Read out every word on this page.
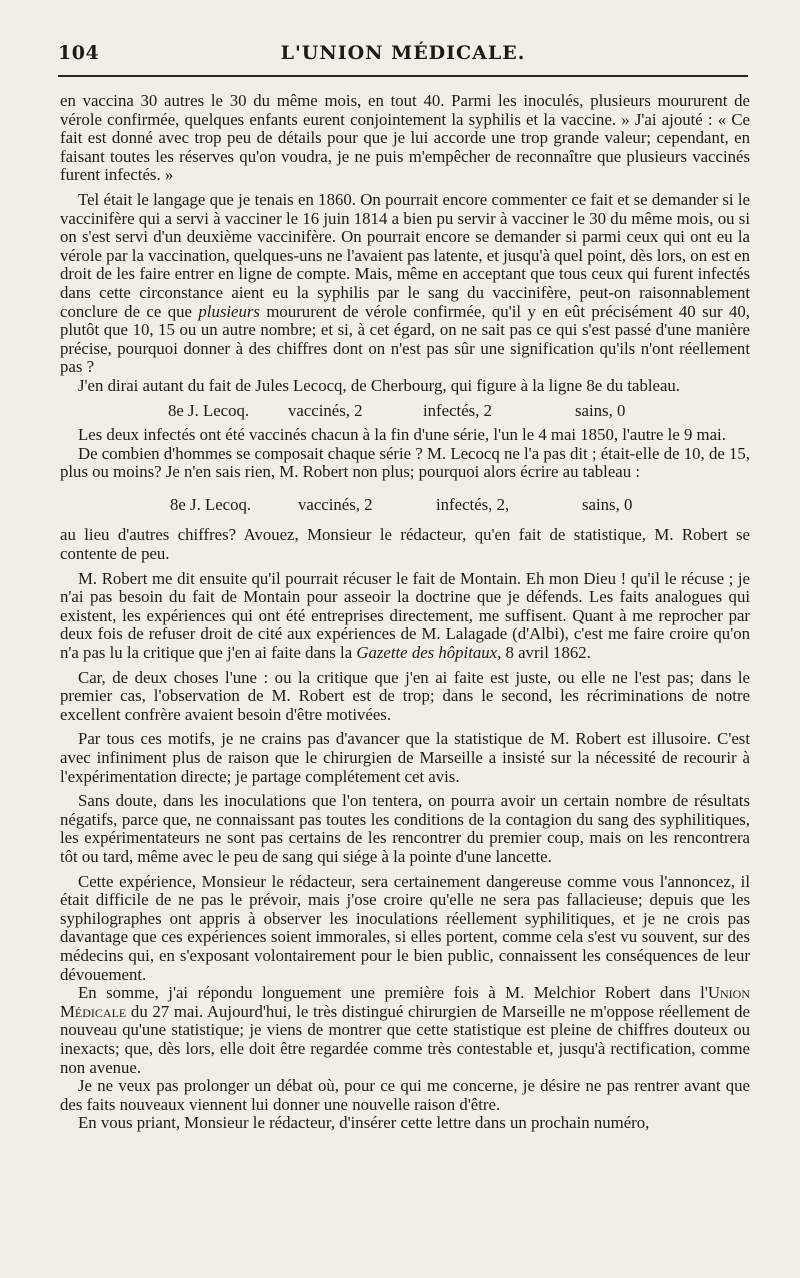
104	L'UNION MÉDICALE.

en vaccina 30 autres le 30 du même mois, en tout 40. Parmi les inoculés, plusieurs moururent de vérole confirmée, quelques enfants eurent conjointement la syphilis et la vaccine. » J'ai ajouté : « Ce fait est donné avec trop peu de détails pour que je lui accorde une trop grande valeur; cependant, en faisant toutes les réserves qu'on voudra, je ne puis m'empêcher de reconnaître que plusieurs vaccinés furent infectés. »

Tel était le langage que je tenais en 1860. On pourrait encore commenter ce fait et se demander si le vaccinifère qui a servi à vacciner le 16 juin 1814 a bien pu servir à vacciner le 30 du même mois, ou si on s'est servi d'un deuxième vaccinifère. On pourrait encore se demander si parmi ceux qui ont eu la vérole par la vaccination, quelques-uns ne l'avaient pas latente, et jusqu'à quel point, dès lors, on est en droit de les faire entrer en ligne de compte. Mais, même en acceptant que tous ceux qui furent infectés dans cette circonstance aient eu la syphilis par le sang du vaccinifère, peut-on raisonnablement conclure de ce que plusieurs moururent de vérole confirmée, qu'il y en eût précisément 40 sur 40, plutôt que 10, 15 ou un autre nombre; et si, à cet égard, on ne sait pas ce qui s'est passé d'une manière précise, pourquoi donner à des chiffres dont on n'est pas sûr une signification qu'ils n'ont réellement pas ?

J'en dirai autant du fait de Jules Lecocq, de Cherbourg, qui figure à la ligne 8e du tableau.

8e J. Lecoq.	vaccinés, 2	infectés, 2	sains, 0

Les deux infectés ont été vaccinés chacun à la fin d'une série, l'un le 4 mai 1850, l'autre le 9 mai.

De combien d'hommes se composait chaque série ? M. Lecocq ne l'a pas dit ; était-elle de 10, de 15, plus ou moins? Je n'en sais rien, M. Robert non plus; pourquoi alors écrire au tableau :

8e J. Lecoq.	vaccinés, 2	infectés, 2,	sains, 0

au lieu d'autres chiffres? Avouez, Monsieur le rédacteur, qu'en fait de statistique, M. Robert se contente de peu.

M. Robert me dit ensuite qu'il pourrait récuser le fait de Montain. Eh mon Dieu ! qu'il le récuse ; je n'ai pas besoin du fait de Montain pour asseoir la doctrine que je défends. Les faits analogues qui existent, les expériences qui ont été entreprises directement, me suffisent. Quant à me reprocher par deux fois de refuser droit de cité aux expériences de M. Lalagade (d'Albi), c'est me faire croire qu'on n'a pas lu la critique que j'en ai faite dans la Gazette des hôpitaux, 8 avril 1862.

Car, de deux choses l'une : ou la critique que j'en ai faite est juste, ou elle ne l'est pas; dans le premier cas, l'observation de M. Robert est de trop; dans le second, les récriminations de notre excellent confrère avaient besoin d'être motivées.

Par tous ces motifs, je ne crains pas d'avancer que la statistique de M. Robert est illusoire. C'est avec infiniment plus de raison que le chirurgien de Marseille a insisté sur la nécessité de recourir à l'expérimentation directe; je partage complétement cet avis.

Sans doute, dans les inoculations que l'on tentera, on pourra avoir un certain nombre de résultats négatifs, parce que, ne connaissant pas toutes les conditions de la contagion du sang des syphilitiques, les expérimentateurs ne sont pas certains de les rencontrer du premier coup, mais on les rencontrera tôt ou tard, même avec le peu de sang qui siége à la pointe d'une lancette.

Cette expérience, Monsieur le rédacteur, sera certainement dangereuse comme vous l'annoncez, il était difficile de ne pas le prévoir, mais j'ose croire qu'elle ne sera pas fallacieuse; depuis que les syphilographes ont appris à observer les inoculations réellement syphilitiques, et je ne crois pas davantage que ces expériences soient immorales, si elles portent, comme cela s'est vu souvent, sur des médecins qui, en s'exposant volontairement pour le bien public, connaissent les conséquences de leur dévouement.

En somme, j'ai répondu longuement une première fois à M. Melchior Robert dans l'Union Médicale du 27 mai. Aujourd'hui, le très distingué chirurgien de Marseille ne m'oppose réellement de nouveau qu'une statistique; je viens de montrer que cette statistique est pleine de chiffres douteux ou inexacts; que, dès lors, elle doit être regardée comme très contestable et, jusqu'à rectification, comme non avenue.

Je ne veux pas prolonger un débat où, pour ce qui me concerne, je désire ne pas rentrer avant que des faits nouveaux viennent lui donner une nouvelle raison d'être.

En vous priant, Monsieur le rédacteur, d'insérer cette lettre dans un prochain numéro,
